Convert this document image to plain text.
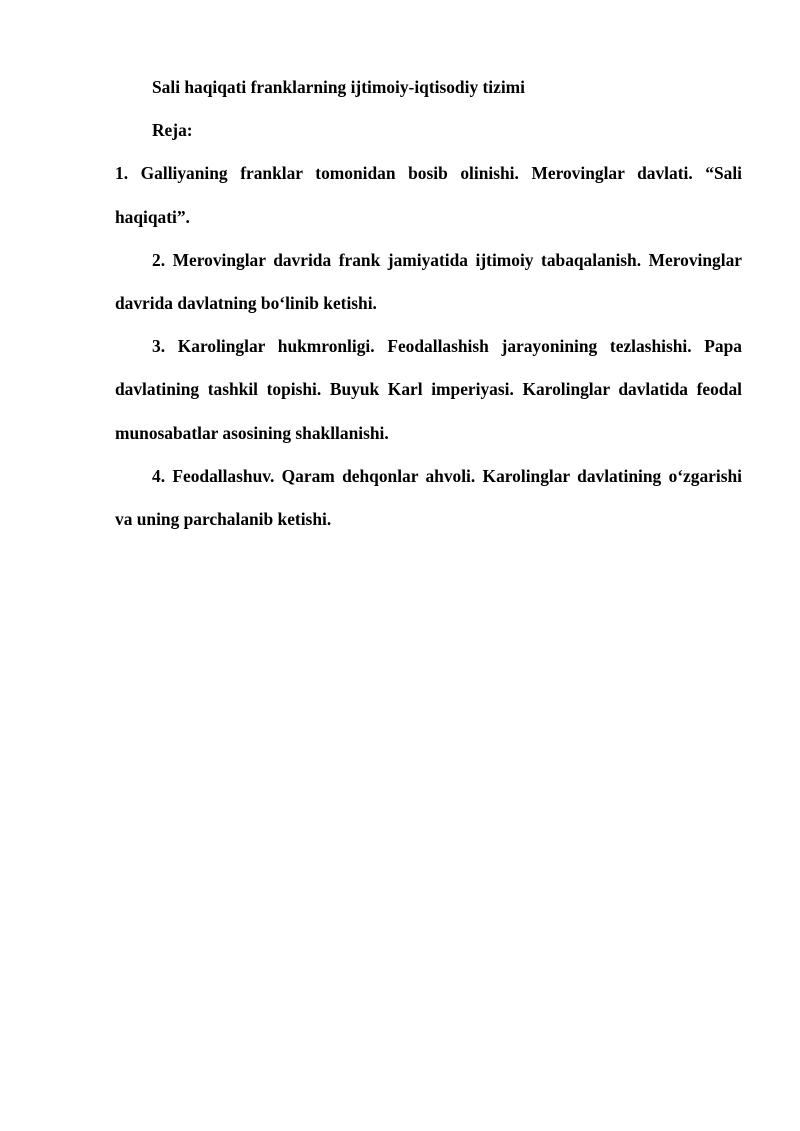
Sali haqiqati franklarning ijtimoiy-iqtisodiy tizimi

Reja:

1. Galliyaning franklar tomonidan bosib olinishi. Merovinglar davlati. “Sali haqiqati”.

2. Merovinglar davrida frank jamiyatida ijtimoiy tabaqalanish. Merovinglar davrida davlatning bo‘linib ketishi.

3. Karolinglar hukmronligi. Feodallashish jarayonining tezlashishi. Papa davlatining tashkil topishi. Buyuk Karl imperiyasi. Karolinglar davlatida feodal munosabatlar asosining shakllanishi.

4. Feodallashuv. Qaram dehqonlar ahvoli. Karolinglar davlatining o‘zgarishi va uning parchalanib ketishi.
